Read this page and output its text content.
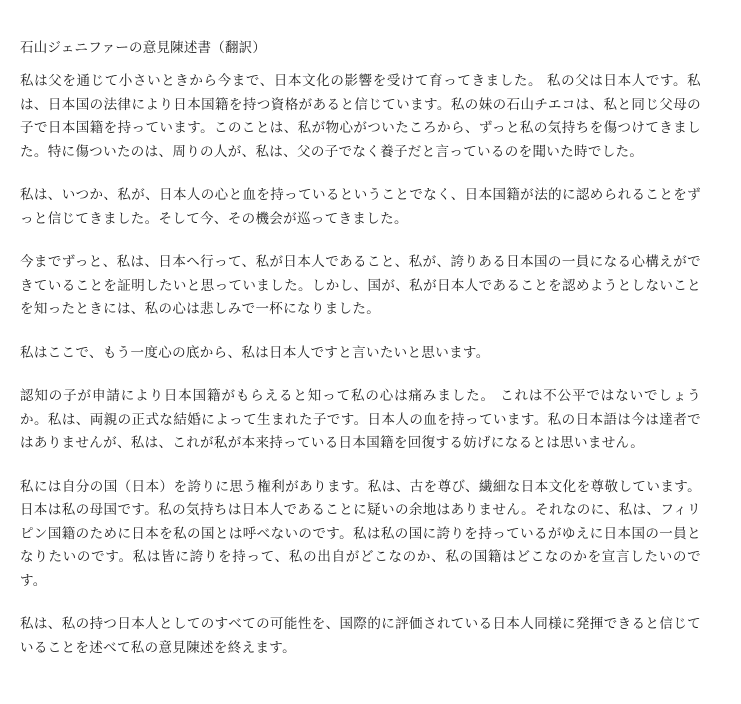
石山ジェニファーの意見陳述書（翻訳）

私は父を通じて小さいときから今まで、日本文化の影響を受けて育ってきました。 私の父は日本人です。私は、日本国の法律により日本国籍を持つ資格があると信じています。私の妹の石山チエコは、私と同じ父母の子で日本国籍を持っています。このことは、私が物心がついたころから、ずっと私の気持ちを傷つけてきました。特に傷ついたのは、周りの人が、私は、父の子でなく養子だと言っているのを聞いた時でした。

私は、いつか、私が、日本人の心と血を持っているということでなく、日本国籍が法的に認められることをずっと信じてきました。そして今、その機会が巡ってきました。

今までずっと、私は、日本へ行って、私が日本人であること、私が、誇りある日本国の一員になる心構えができていることを証明したいと思っていました。しかし、国が、私が日本人であることを認めようとしないことを知ったときには、私の心は悲しみで一杯になりました。

私はここで、もう一度心の底から、私は日本人ですと言いたいと思います。

認知の子が申請により日本国籍がもらえると知って私の心は痛みました。 これは不公平ではないでしょうか。私は、両親の正式な結婚によって生まれた子です。日本人の血を持っています。私の日本語は今は達者ではありませんが、私は、これが私が本来持っている日本国籍を回復する妨げになるとは思いません。

私には自分の国（日本）を誇りに思う権利があります。私は、古を尊び、繊細な日本文化を尊敬しています。日本は私の母国です。私の気持ちは日本人であることに疑いの余地はありません。それなのに、私は、フィリピン国籍のために日本を私の国とは呼べないのです。私は私の国に誇りを持っているがゆえに日本国の一員となりたいのです。私は皆に誇りを持って、私の出自がどこなのか、私の国籍はどこなのかを宣言したいのです。

私は、私の持つ日本人としてのすべての可能性を、国際的に評価されている日本人同様に発揮できると信じていることを述べて私の意見陳述を終えます。
